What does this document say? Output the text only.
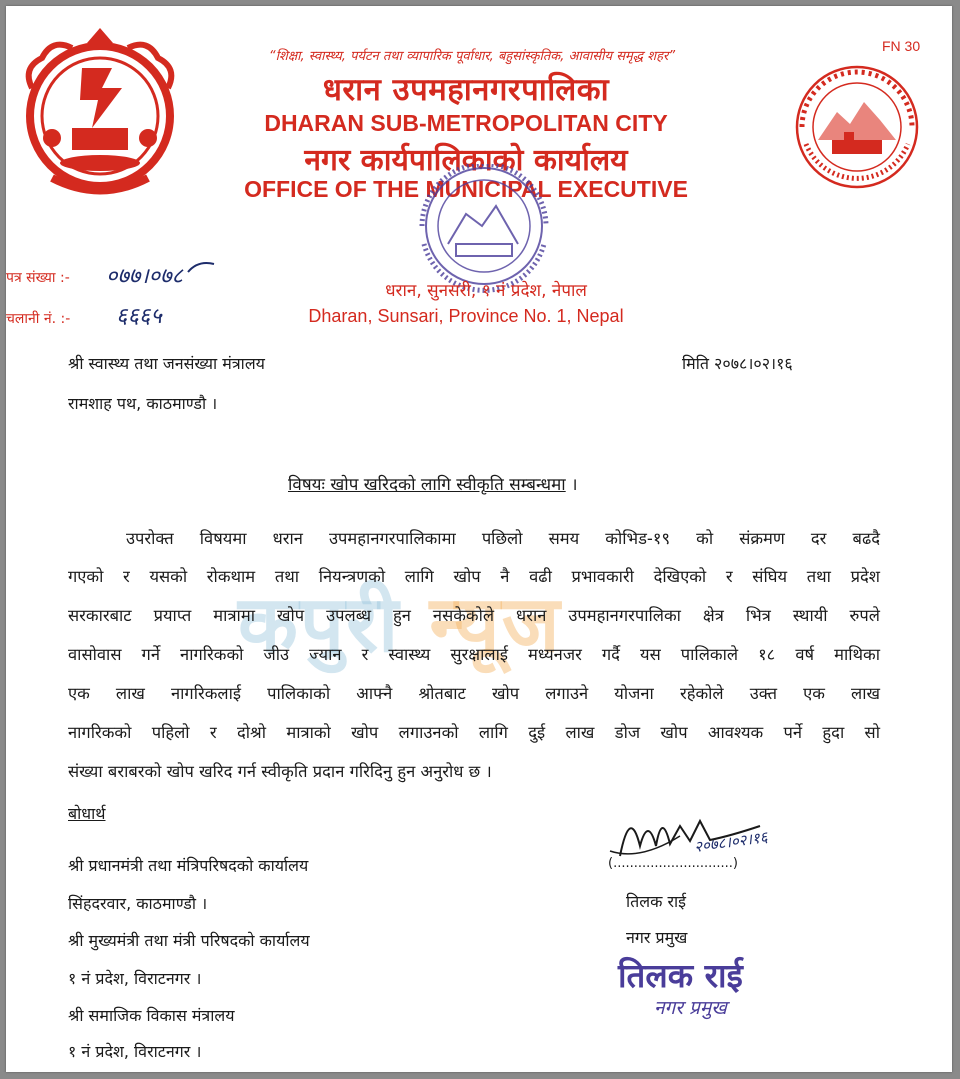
“शिक्षा, स्वास्थ्य, पर्यटन तथा व्यापारिक पूर्वाधार, बहुसांस्कृतिक, आवासीय समृद्ध शहर”
FN 30
धरान उपमहानगरपालिका
DHARAN SUB-METROPOLITAN CITY
नगर कार्यपालिकाको कार्यालय
OFFICE OF THE MUNICIPAL EXECUTIVE
धरान, सुनसरी, १ नं प्रदेश, नेपाल
Dharan, Sunsari, Province No. 1, Nepal
पत्र संख्या :- ०७७।०७८
चलानी नं. :- ६६६५
श्री स्वास्थ्य तथा जनसंख्या मंत्रालय
रामशाह पथ, काठमाण्डौ ।
मिति २०७८।०२।१६
विषयः खोप खरिदको लागि स्वीकृति सम्बन्धमा ।
कपुरी न्यूज
उपरोक्त विषयमा धरान उपमहानगरपालिकामा पछिलो समय कोभिड-१९ को संक्रमण दर बढदै
गएको र यसको रोकथाम तथा नियन्त्रणको लागि खोप नै वढी प्रभावकारी देखिएको र संघिय तथा प्रदेश
सरकारबाट प्रयाप्त मात्रामा खोप उपलब्ध हुन नसकेकोले धरान उपमहानगरपालिका क्षेत्र भित्र स्थायी रुपले
वासोवास गर्ने नागरिकको जीउ ज्यान र स्वास्थ्य सुरक्षालाई मध्यनजर गर्दै यस पालिकाले १८ वर्ष माथिका
एक लाख नागरिकलाई पालिकाको आफ्नै श्रोतबाट खोप लगाउने योजना रहेकोले उक्त एक लाख
नागरिकको पहिलो र दोश्रो मात्राको खोप लगाउनको लागि दुई लाख डोज खोप आवश्यक पर्ने हुदा सो
संख्या बराबरको खोप खरिद गर्न स्वीकृति प्रदान गरिदिनु हुन अनुरोध छ ।
बोधार्थ
श्री प्रधानमंत्री तथा मंत्रिपरिषदको कार्यालय
सिंहदरवार, काठमाण्डौ ।
श्री मुख्यमंत्री तथा मंत्री परिषदको कार्यालय
१ नं प्रदेश, विराटनगर ।
श्री समाजिक विकास मंत्रालय
१ नं प्रदेश, विराटनगर ।
२०७८।०२।१६
(.............................)
तिलक राई
नगर प्रमुख
तिलक राई
नगर प्रमुख
